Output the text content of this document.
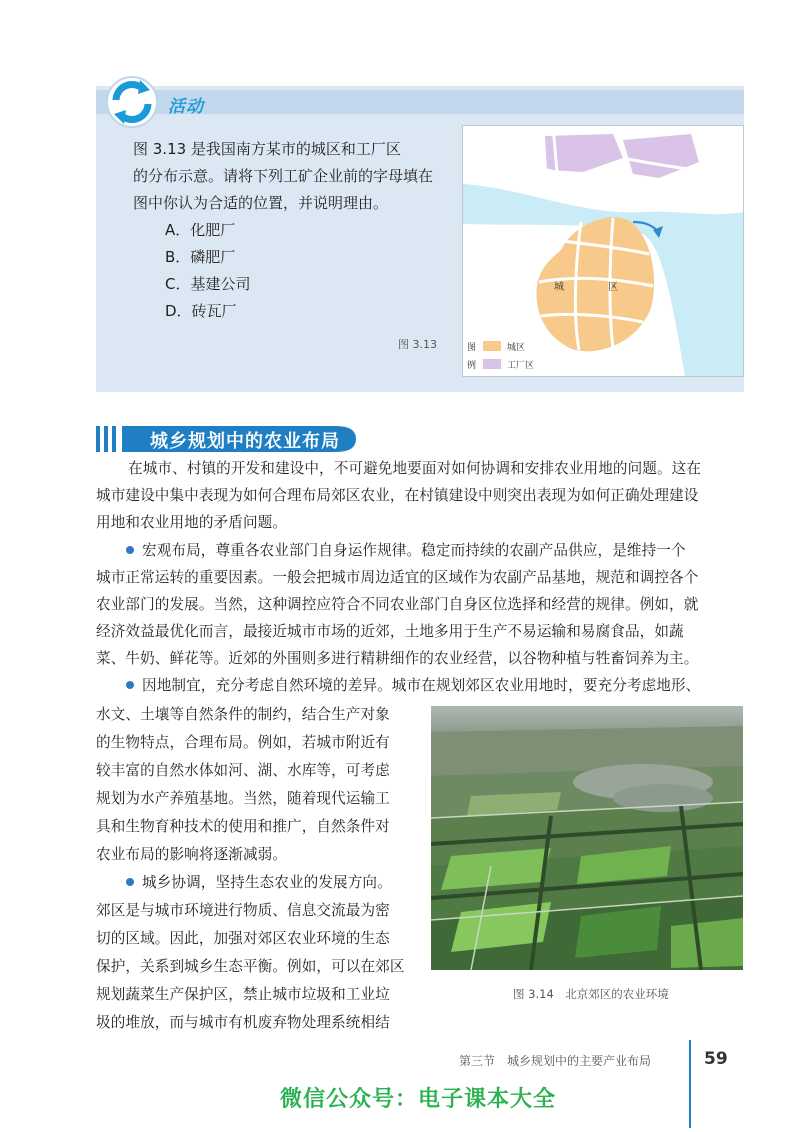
活动
图 3.13 是我国南方某市的城区和工厂区
的分布示意。请将下列工矿企业前的字母填在
图中你认为合适的位置，并说明理由。
A．化肥厂
B．磷肥厂
C．基建公司
D．砖瓦厂
图 3.13
城	区
图
例
城区
工厂区
城乡规划中的农业布局
在城市、村镇的开发和建设中，不可避免地要面对如何协调和安排农业用地的问题。这在
城市建设中集中表现为如何合理布局郊区农业，在村镇建设中则突出表现为如何正确处理建设
用地和农业用地的矛盾问题。
宏观布局，尊重各农业部门自身运作规律。稳定而持续的农副产品供应，是维持一个
城市正常运转的重要因素。一般会把城市周边适宜的区域作为农副产品基地，规范和调控各个
农业部门的发展。当然，这种调控应符合不同农业部门自身区位选择和经营的规律。例如，就
经济效益最优化而言，最接近城市市场的近郊，土地多用于生产不易运输和易腐食品，如蔬
菜、牛奶、鲜花等。近郊的外围则多进行精耕细作的农业经营，以谷物种植与牲畜饲养为主。
因地制宜，充分考虑自然环境的差异。城市在规划郊区农业用地时，要充分考虑地形、
水文、土壤等自然条件的制约，结合生产对象
的生物特点，合理布局。例如，若城市附近有
较丰富的自然水体如河、湖、水库等，可考虑
规划为水产养殖基地。当然，随着现代运输工
具和生物育种技术的使用和推广，自然条件对
农业布局的影响将逐渐减弱。
城乡协调，坚持生态农业的发展方向。
郊区是与城市环境进行物质、信息交流最为密
切的区域。因此，加强对郊区农业环境的生态
保护，关系到城乡生态平衡。例如，可以在郊区
规划蔬菜生产保护区，禁止城市垃圾和工业垃
圾的堆放，而与城市有机废弃物处理系统相结
图 3.14　北京郊区的农业环境
第三节　城乡规划中的主要产业布局	59
微信公众号：电子课本大全
